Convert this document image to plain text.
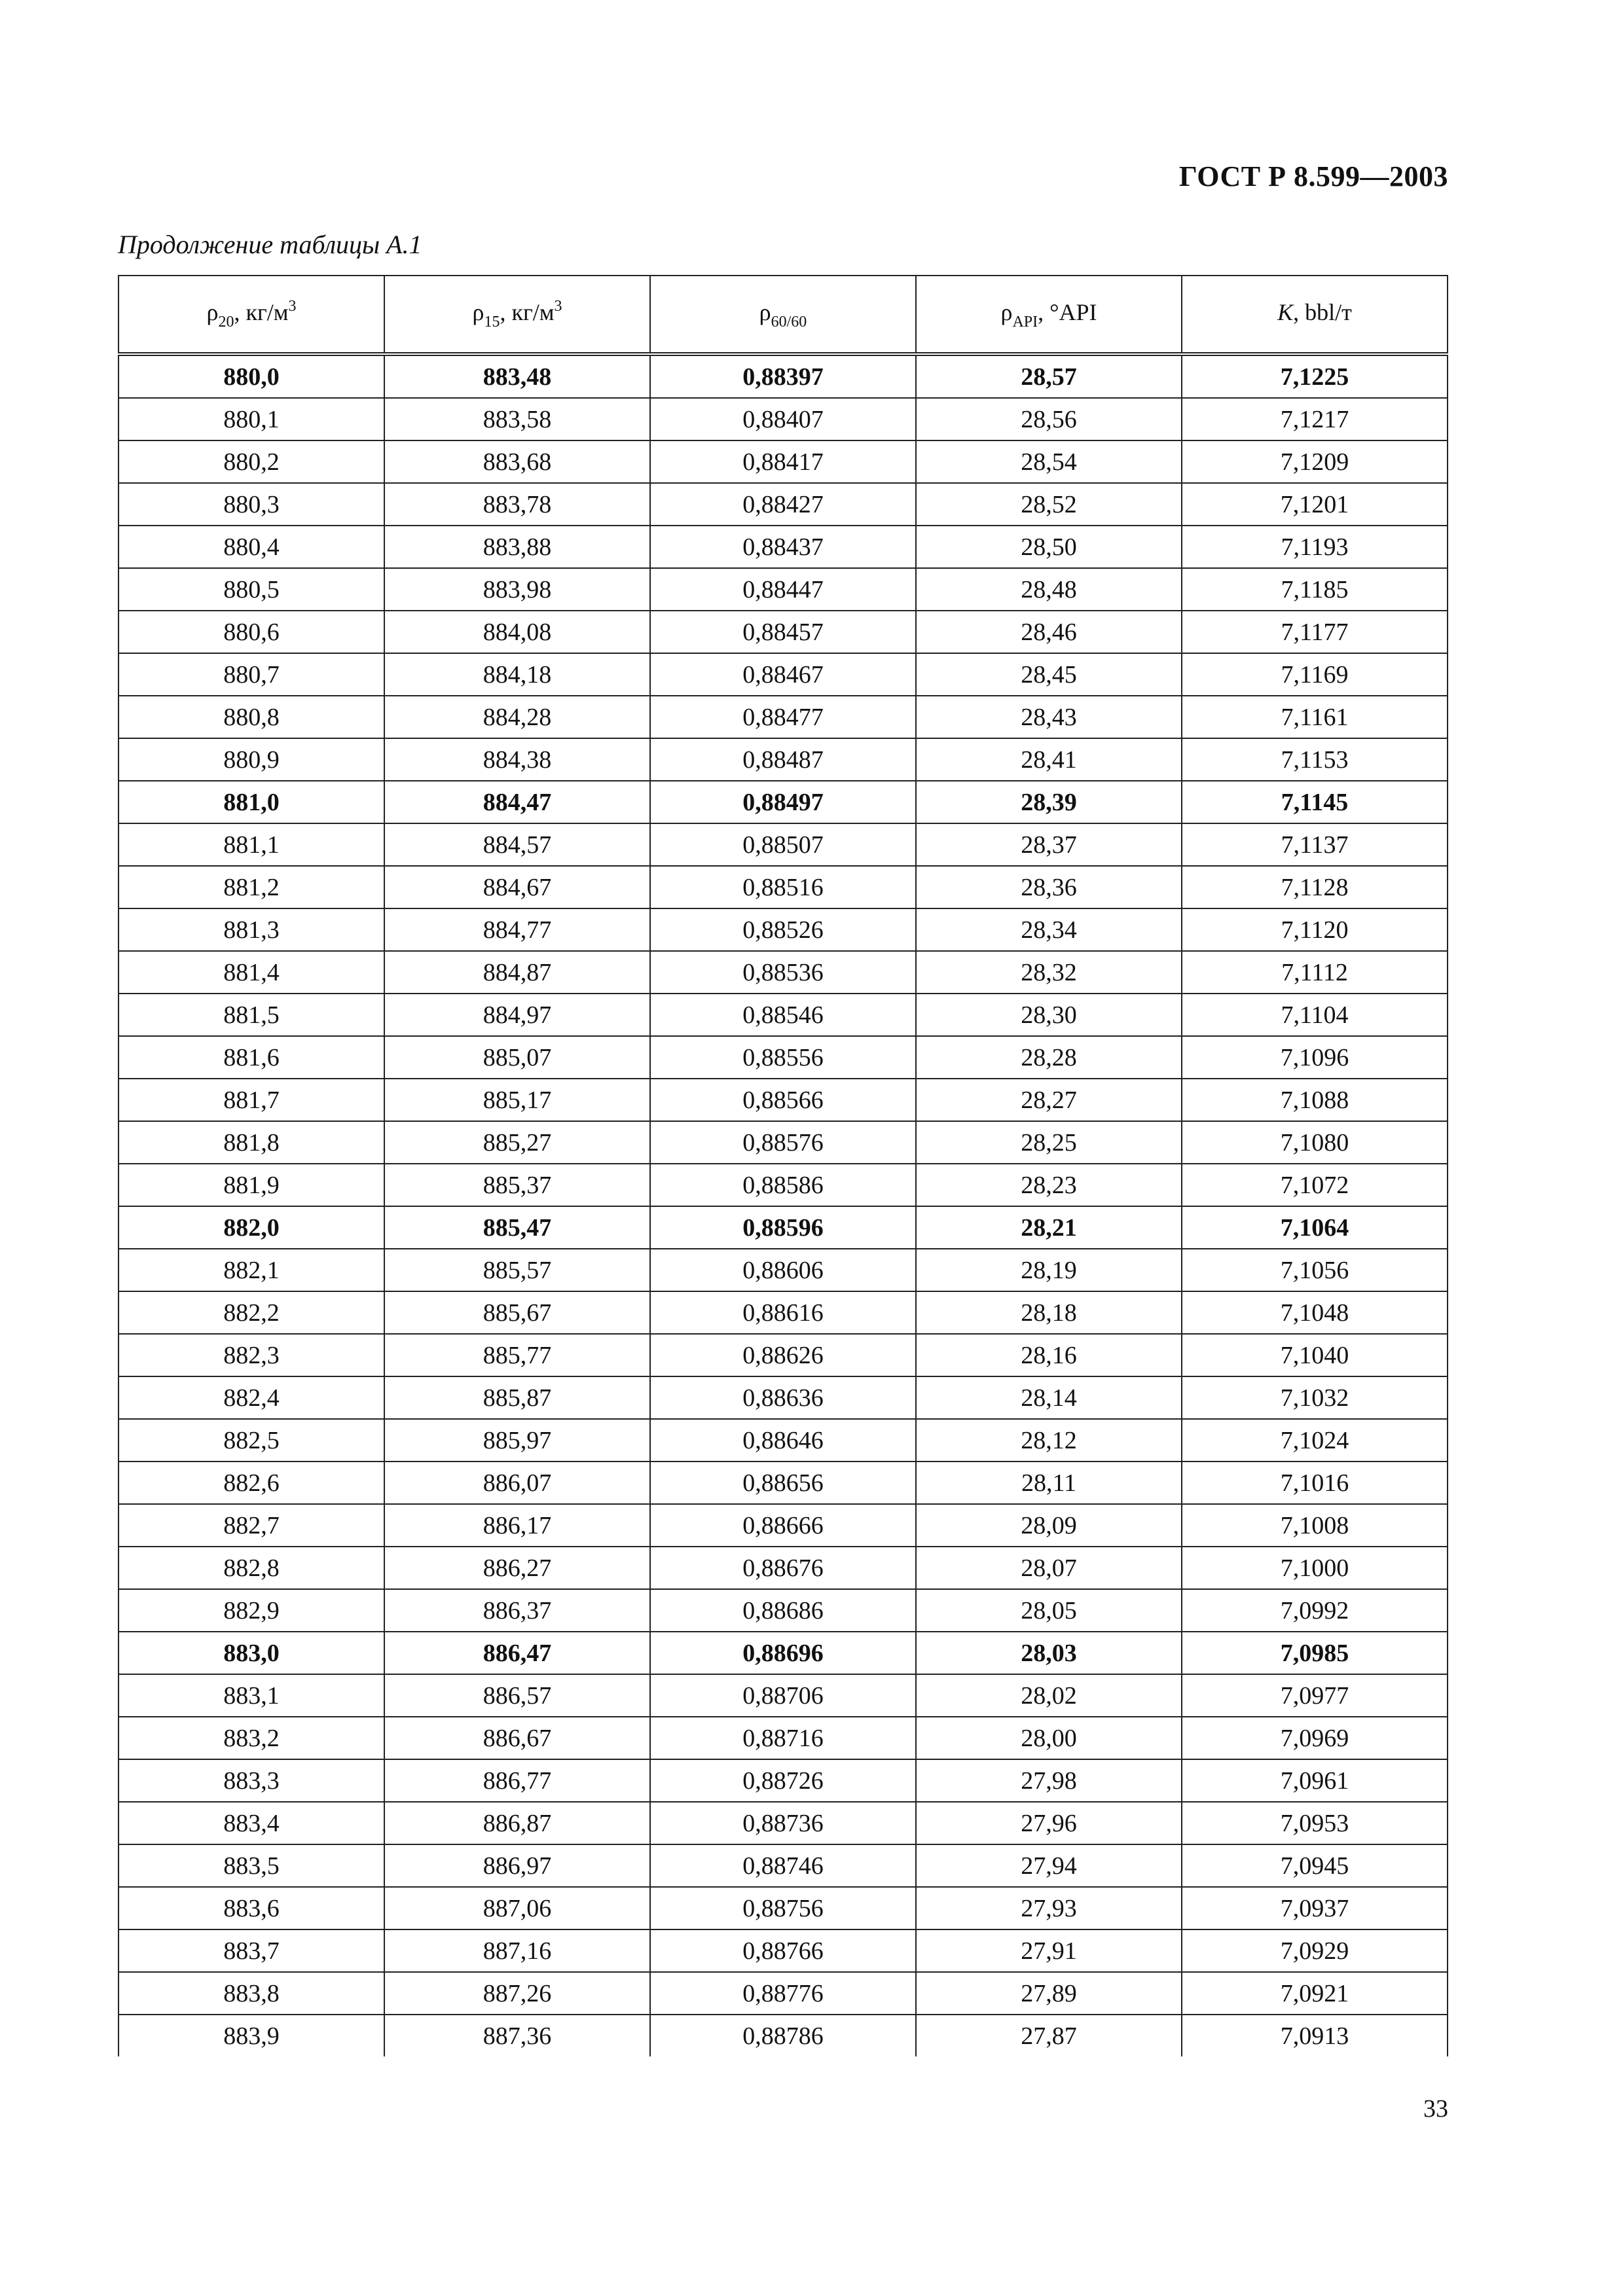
ГОСТ Р 8.599—2003
Продолжение таблицы А.1
$\rho_{20}$, $кг/м^3$	$\rho_{15}$, $кг/м^3$	$\rho_{60/60}$	$\rho_{API}$, °API	K, bbl/т
880,0	883,48	0,88397	28,57	7,1225
880,1	883,58	0,88407	28,56	7,1217
880,2	883,68	0,88417	28,54	7,1209
880,3	883,78	0,88427	28,52	7,1201
880,4	883,88	0,88437	28,50	7,1193
880,5	883,98	0,88447	28,48	7,1185
880,6	884,08	0,88457	28,46	7,1177
880,7	884,18	0,88467	28,45	7,1169
880,8	884,28	0,88477	28,43	7,1161
880,9	884,38	0,88487	28,41	7,1153
881,0	884,47	0,88497	28,39	7,1145
881,1	884,57	0,88507	28,37	7,1137
881,2	884,67	0,88516	28,36	7,1128
881,3	884,77	0,88526	28,34	7,1120
881,4	884,87	0,88536	28,32	7,1112
881,5	884,97	0,88546	28,30	7,1104
881,6	885,07	0,88556	28,28	7,1096
881,7	885,17	0,88566	28,27	7,1088
881,8	885,27	0,88576	28,25	7,1080
881,9	885,37	0,88586	28,23	7,1072
882,0	885,47	0,88596	28,21	7,1064
882,1	885,57	0,88606	28,19	7,1056
882,2	885,67	0,88616	28,18	7,1048
882,3	885,77	0,88626	28,16	7,1040
882,4	885,87	0,88636	28,14	7,1032
882,5	885,97	0,88646	28,12	7,1024
882,6	886,07	0,88656	28,11	7,1016
882,7	886,17	0,88666	28,09	7,1008
882,8	886,27	0,88676	28,07	7,1000
882,9	886,37	0,88686	28,05	7,0992
883,0	886,47	0,88696	28,03	7,0985
883,1	886,57	0,88706	28,02	7,0977
883,2	886,67	0,88716	28,00	7,0969
883,3	886,77	0,88726	27,98	7,0961
883,4	886,87	0,88736	27,96	7,0953
883,5	886,97	0,88746	27,94	7,0945
883,6	887,06	0,88756	27,93	7,0937
883,7	887,16	0,88766	27,91	7,0929
883,8	887,26	0,88776	27,89	7,0921
883,9	887,36	0,88786	27,87	7,0913
33
